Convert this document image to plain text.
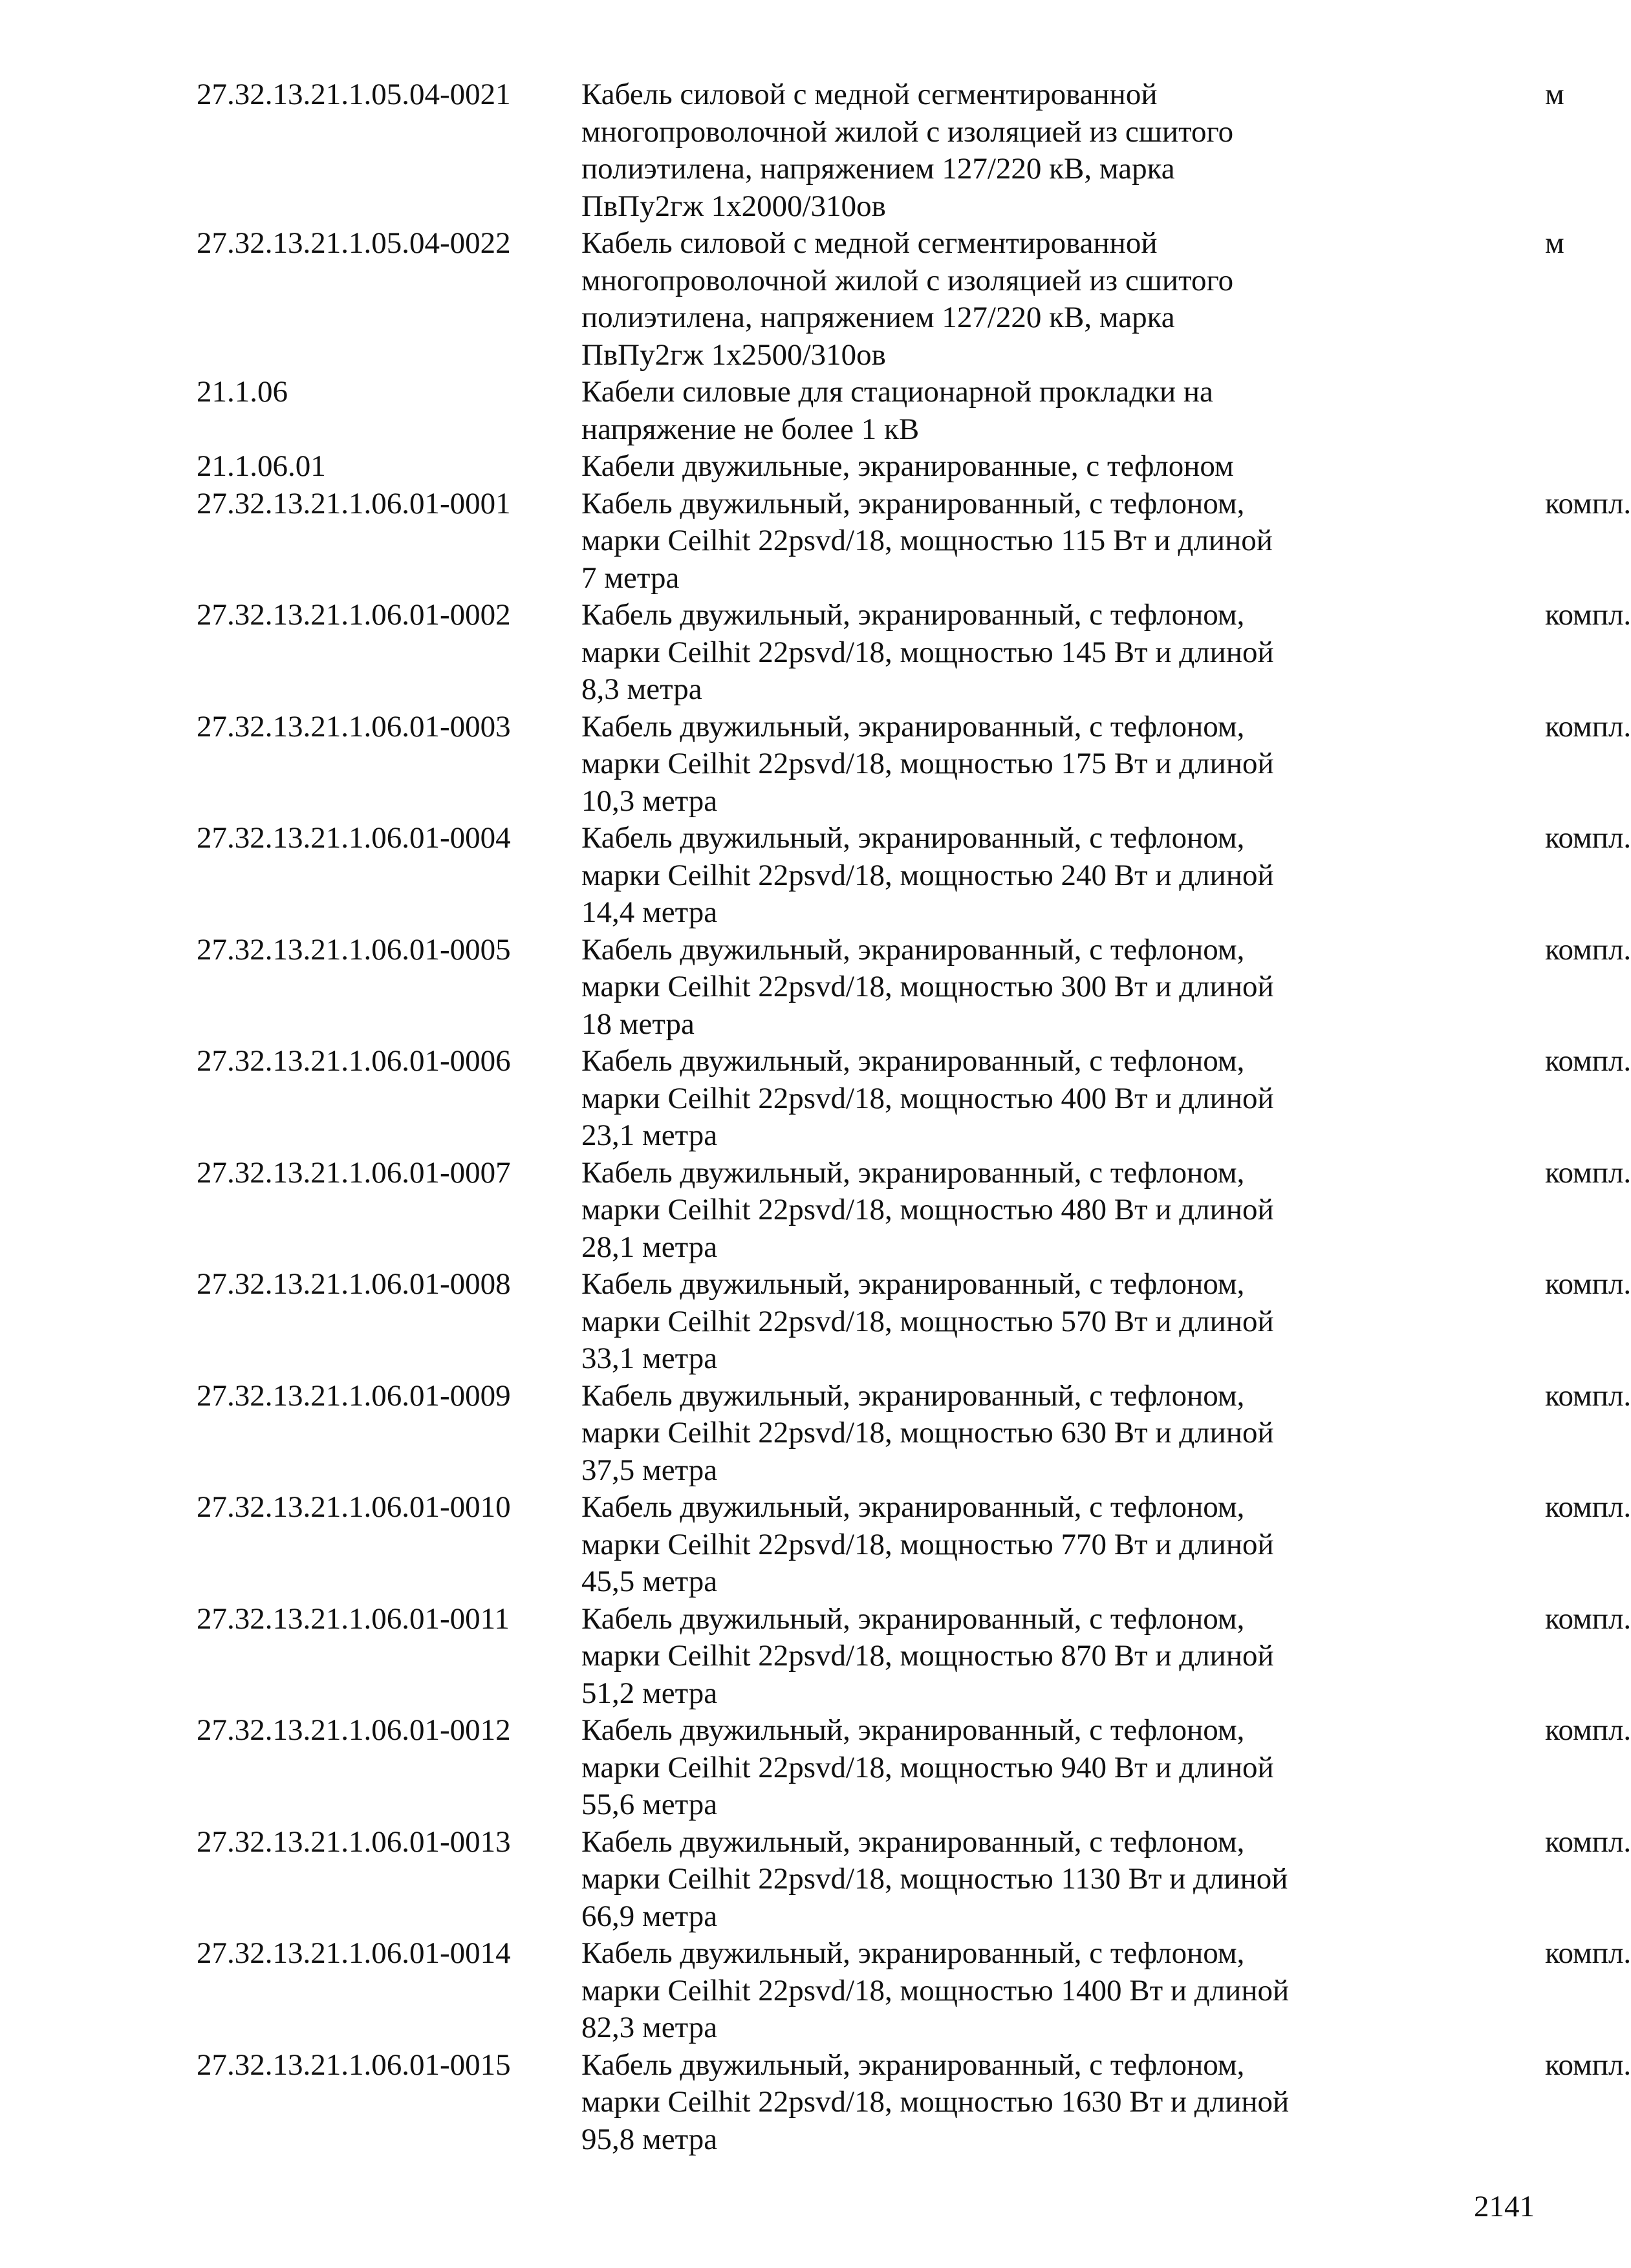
27.32.13.21.1.05.04-0021	Кабель силовой с медной сегментированной
многопроволочной жилой с изоляцией из сшитого
полиэтилена, напряжением 127/220 кВ, марка
ПвПу2гж 1х2000/310ов
м
27.32.13.21.1.05.04-0022	Кабель силовой с медной сегментированной
многопроволочной жилой с изоляцией из сшитого
полиэтилена, напряжением 127/220 кВ, марка
ПвПу2гж 1х2500/310ов
м
21.1.06	Кабели силовые для стационарной прокладки на
напряжение не более 1 кВ
21.1.06.01	Кабели двужильные, экранированные, с тефлоном
27.32.13.21.1.06.01-0001	Кабель двужильный, экранированный, с тефлоном,
марки Ceilhit 22psvd/18, мощностью 115 Вт и длиной
7 метра
компл.
27.32.13.21.1.06.01-0002	Кабель двужильный, экранированный, с тефлоном,
марки Ceilhit 22psvd/18, мощностью 145 Вт и длиной
8,3 метра
компл.
27.32.13.21.1.06.01-0003	Кабель двужильный, экранированный, с тефлоном,
марки Ceilhit 22psvd/18, мощностью 175 Вт и длиной
10,3 метра
компл.
27.32.13.21.1.06.01-0004	Кабель двужильный, экранированный, с тефлоном,
марки Ceilhit 22psvd/18, мощностью 240 Вт и длиной
14,4 метра
компл.
27.32.13.21.1.06.01-0005	Кабель двужильный, экранированный, с тефлоном,
марки Ceilhit 22psvd/18, мощностью 300 Вт и длиной
18 метра
компл.
27.32.13.21.1.06.01-0006	Кабель двужильный, экранированный, с тефлоном,
марки Ceilhit 22psvd/18, мощностью 400 Вт и длиной
23,1 метра
компл.
27.32.13.21.1.06.01-0007	Кабель двужильный, экранированный, с тефлоном,
марки Ceilhit 22psvd/18, мощностью 480 Вт и длиной
28,1 метра
компл.
27.32.13.21.1.06.01-0008	Кабель двужильный, экранированный, с тефлоном,
марки Ceilhit 22psvd/18, мощностью 570 Вт и длиной
33,1 метра
компл.
27.32.13.21.1.06.01-0009	Кабель двужильный, экранированный, с тефлоном,
марки Ceilhit 22psvd/18, мощностью 630 Вт и длиной
37,5 метра
компл.
27.32.13.21.1.06.01-0010	Кабель двужильный, экранированный, с тефлоном,
марки Ceilhit 22psvd/18, мощностью 770 Вт и длиной
45,5 метра
компл.
27.32.13.21.1.06.01-0011	Кабель двужильный, экранированный, с тефлоном,
марки Ceilhit 22psvd/18, мощностью 870 Вт и длиной
51,2 метра
компл.
27.32.13.21.1.06.01-0012	Кабель двужильный, экранированный, с тефлоном,
марки Ceilhit 22psvd/18, мощностью 940 Вт и длиной
55,6 метра
компл.
27.32.13.21.1.06.01-0013	Кабель двужильный, экранированный, с тефлоном,
марки Ceilhit 22psvd/18, мощностью 1130 Вт и длиной
66,9 метра
компл.
27.32.13.21.1.06.01-0014	Кабель двужильный, экранированный, с тефлоном,
марки Ceilhit 22psvd/18, мощностью 1400 Вт и длиной
82,3 метра
компл.
27.32.13.21.1.06.01-0015	Кабель двужильный, экранированный, с тефлоном,
марки Ceilhit 22psvd/18, мощностью 1630 Вт и длиной
95,8 метра
компл.
2141
